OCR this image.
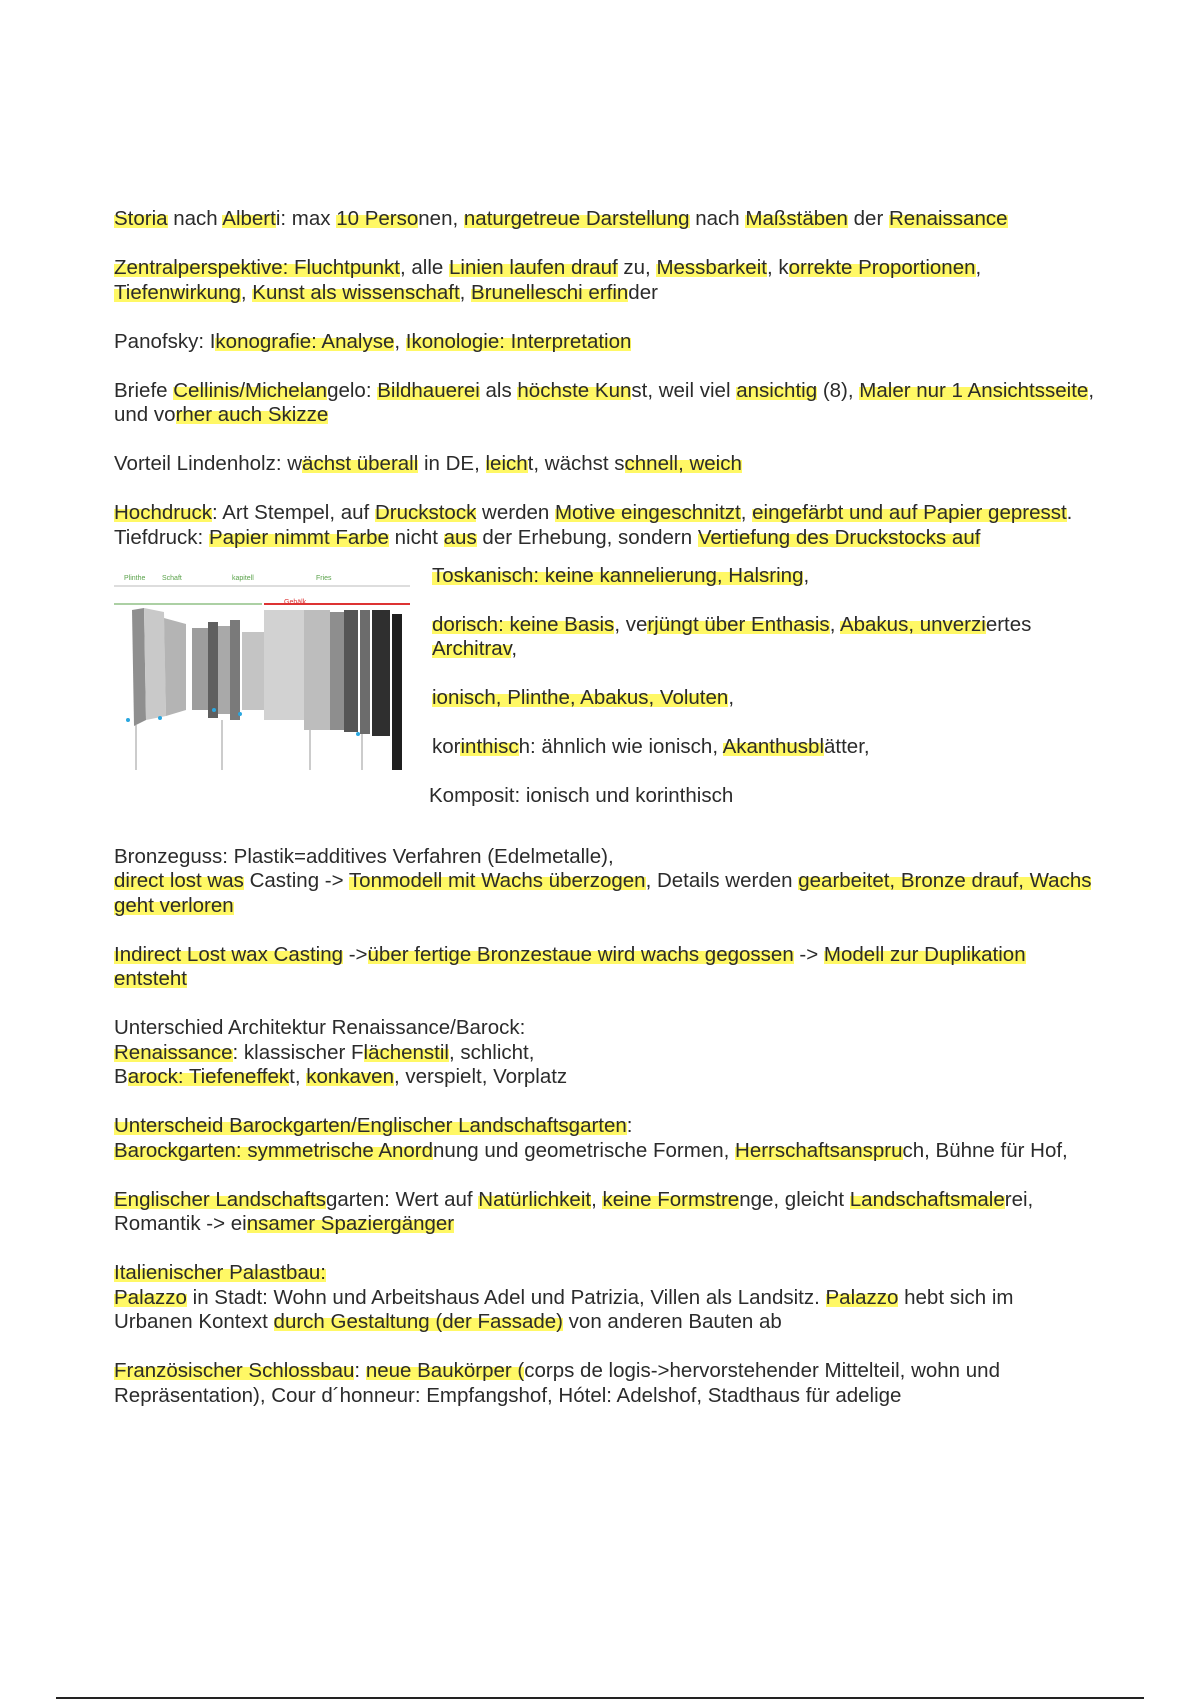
Storia nach Alberti: max 10 Personen, naturgetreue Darstellung nach Maßstäben der Renaissance
Zentralperspektive: Fluchtpunkt, alle Linien laufen drauf zu, Messbarkeit, korrekte Proportionen, Tiefenwirkung, Kunst als wissenschaft, Brunelleschi erfinder
Panofsky: Ikonografie: Analyse, Ikonologie: Interpretation
Briefe Cellinis/Michelangelo: Bildhauerei als höchste Kunst, weil viel ansichtig (8), Maler nur 1 Ansichtsseite, und vorher auch Skizze
Vorteil Lindenholz: wächst überall in DE, leicht, wächst schnell, weich
Hochdruck: Art Stempel, auf Druckstock werden Motive eingeschnitzt, eingefärbt und auf Papier gepresst. Tiefdruck: Papier nimmt Farbe nicht aus der Erhebung, sondern Vertiefung des Druckstocks auf
Plinthe Schaft	kapitell	Fries
Gebälk
Toskanisch: keine kannelierung, Halsring,
dorisch: keine Basis, verjüngt über Enthasis, Abakus, unverziertes Architrav,
ionisch, Plinthe, Abakus, Voluten,
korinthisch: ähnlich wie ionisch, Akanthusblätter,
Komposit: ionisch und korinthisch
Bronzeguss: Plastik=additives Verfahren (Edelmetalle),
direct lost was Casting -> Tonmodell mit Wachs überzogen, Details werden gearbeitet, Bronze drauf, Wachs geht verloren
Indirect Lost wax Casting ->über fertige Bronzestaue wird wachs gegossen -> Modell zur Duplikation entsteht
Unterschied Architektur Renaissance/Barock:
Renaissance: klassischer Flächenstil, schlicht,
Barock: Tiefeneffekt, konkaven, verspielt, Vorplatz
Unterscheid Barockgarten/Englischer Landschaftsgarten:
Barockgarten: symmetrische Anordnung und geometrische Formen, Herrschaftsanspruch, Bühne für Hof,
Englischer Landschaftsgarten: Wert auf Natürlichkeit, keine Formstrenge, gleicht Landschaftsmalerei, Romantik -> einsamer Spaziergänger
Italienischer Palastbau:
Palazzo in Stadt: Wohn und Arbeitshaus Adel und Patrizia, Villen als Landsitz. Palazzo hebt sich im Urbanen Kontext durch Gestaltung (der Fassade) von anderen Bauten ab
Französischer Schlossbau: neue Baukörper (corps de logis->hervorstehender Mittelteil, wohn und Repräsentation), Cour d´honneur: Empfangshof, Hótel: Adelshof, Stadthaus für adelige
